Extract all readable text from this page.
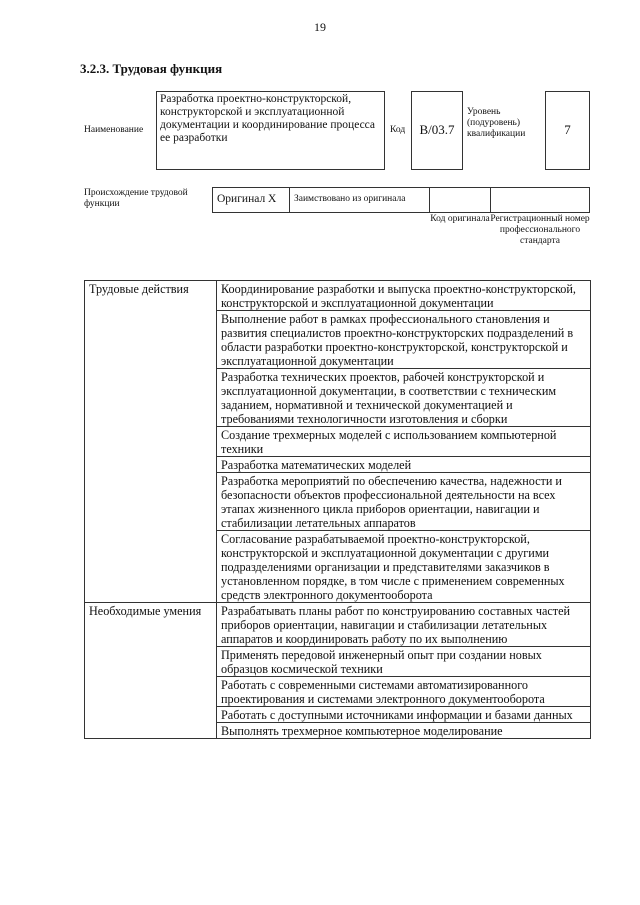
19
3.2.3. Трудовая функция
Наименование
Разработка проектно-конструкторской, конструкторской и эксплуатационной документации и координирование процесса ее разработки
Код	B/03.7
Уровень (подуровень) квалификации	7
Происхождение трудовой функции	Оригинал X Заимствовано из оригинала
Код оригинала Регистрационный номер профессионального стандарта
Трудовые действия	Координирование разработки и выпуска проектно-конструкторской, конструкторской и эксплуатационной документации
	Выполнение работ в рамках профессионального становления и развития специалистов проектно-конструкторских подразделений в области разработки проектно-конструкторской, конструкторской и эксплуатационной документации
	Разработка технических проектов, рабочей конструкторской и эксплуатационной документации, в соответствии с техническим заданием, нормативной и технической документацией и требованиями технологичности изготовления и сборки
	Создание трехмерных моделей с использованием компьютерной техники
	Разработка математических моделей
	Разработка мероприятий по обеспечению качества, надежности и безопасности объектов профессиональной деятельности на всех этапах жизненного цикла приборов ориентации, навигации и стабилизации летательных аппаратов
	Согласование разрабатываемой проектно-конструкторской, конструкторской и эксплуатационной документации с другими подразделениями организации и представителями заказчиков в установленном порядке, в том числе с применением современных средств электронного документооборота
Необходимые умения	Разрабатывать планы работ по конструированию составных частей приборов ориентации, навигации и стабилизации летательных аппаратов и координировать работу по их выполнению
	Применять передовой инженерный опыт при создании новых образцов космической техники
	Работать с современными системами автоматизированного проектирования и системами электронного документооборота
	Работать с доступными источниками информации и базами данных
	Выполнять трехмерное компьютерное моделирование
